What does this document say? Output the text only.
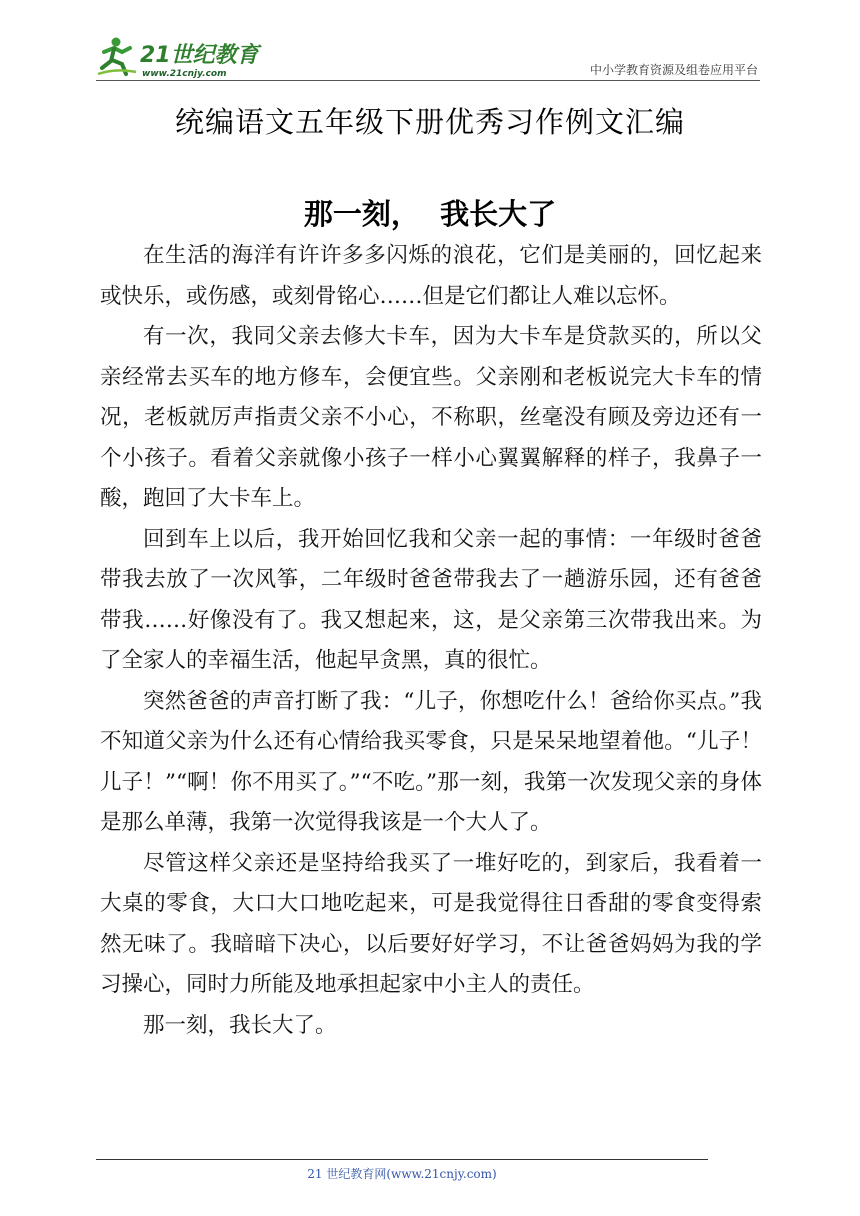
21世纪教育
www.21cnjy.com	中小学教育资源及组卷应用平台
统编语文五年级下册优秀习作例文汇编
那一刻，  我长大了

在生活的海洋有许许多多闪烁的浪花，它们是美丽的，回忆起来或快乐，或伤感，或刻骨铭心……但是它们都让人难以忘怀。

有一次，我同父亲去修大卡车，因为大卡车是贷款买的，所以父亲经常去买车的地方修车，会便宜些。父亲刚和老板说完大卡车的情况，老板就厉声指责父亲不小心，不称职，丝毫没有顾及旁边还有一个小孩子。看着父亲就像小孩子一样小心翼翼解释的样子，我鼻子一酸，跑回了大卡车上。

回到车上以后，我开始回忆我和父亲一起的事情：一年级时爸爸带我去放了一次风筝，二年级时爸爸带我去了一趟游乐园，还有爸爸带我……好像没有了。我又想起来，这，是父亲第三次带我出来。为了全家人的幸福生活，他起早贪黑，真的很忙。

突然爸爸的声音打断了我：“儿子，你想吃什么！爸给你买点。”我不知道父亲为什么还有心情给我买零食，只是呆呆地望着他。“儿子！儿子！”“啊！你不用买了。”“不吃。”那一刻，我第一次发现父亲的身体是那么单薄，我第一次觉得我该是一个大人了。

尽管这样父亲还是坚持给我买了一堆好吃的，到家后，我看着一大桌的零食，大口大口地吃起来，可是我觉得往日香甜的零食变得索然无味了。我暗暗下决心，以后要好好学习，不让爸爸妈妈为我的学习操心，同时力所能及地承担起家中小主人的责任。

那一刻，我长大了。

21 世纪教育网(www.21cnjy.com)
